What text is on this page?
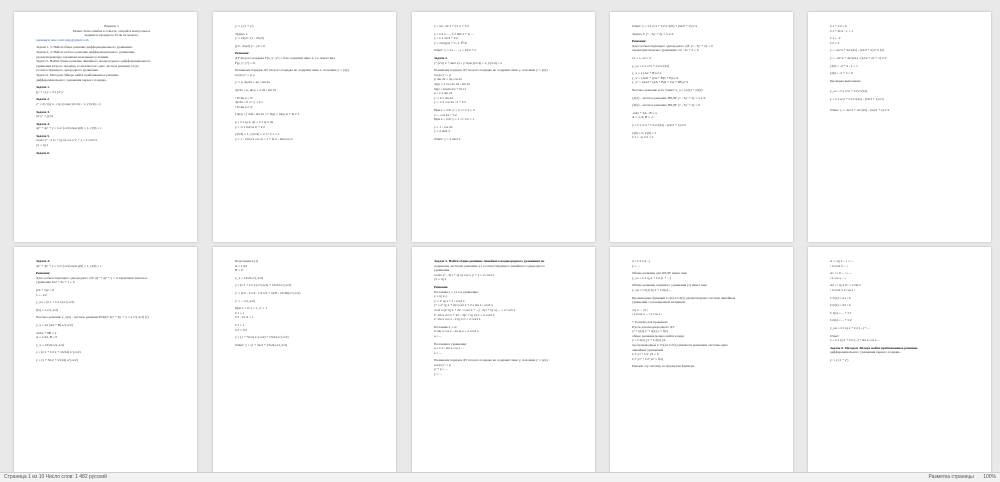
Вариант 2
Может быть ошибка в ответах, откройте контрольное
задание и проверьте. Если не можете,
напишите мне: resh-help@gmail.com
Задачи 1, 3. Найти общее решение дифференциального уравнения.
Задачи 2, 4. Найти частное решение дифференциального уравнения,
удовлетворяющее заданным начальным условиям.
Задача 5. Найти общее решение линейного неоднородного дифференциального
уравнения второго порядка, если известно одно частное решение y1(x)
соответствующего однородного уравнения.
Задача 6. Методом Эйлера найти приближенное решение
дифференциального уравнения первого порядка.
Задача 1.
(y' + 1) y = 2 x y2 y'
Задача 2.
y'' = 2y' (tg x - ctg x) при y(π/4) = 1, y'(π/4) = 2
Задача 3.
x2 y'' = (y')2
Задача 4.
4y'' + 4y' + y = x e^(-x/2) при y(0) = 1, y'(0) = 1
Задача 5.
cos2x y'' - 2 (1 + tg x) cos x y' + y = 2 cos3 x
y1 = tg x
Задача 6.
y' = y (1 + y')
Задача 1.
y' = 2xy2 / (1 - 2xy2)
(y2 - 2xy2) y' - y2 = 0
Решение:
ДУ второго порядка F(x, y', y'') = 0 не содержит явно x, т.е. имеет вид
F(y, y', y'') = 0.
Понижаем порядок ДУ второго порядка не содержит явно x, положим y' = p(y).
тогда y'' = p' p
y' = p, dp/dx = 2p / sin 2x
dy/dx = p, dp/p = 2 dx / sin 2x
• Если p = 0:
dy/dx = 0 => y = C1
• Если p ≠ 0:
∫ dp/p = ∫ 2dx / sin 2x => ln|p| = ln|tg x| + ln C1
p = C1 tg x, dy = C1 tg x dx
y = -C1 ln|cos x| + C2
y(π/4) = 1, y'(π/4) = 2 => C1 = 2
y = 1 - 2 ln|√2 cos x| = 1 + ln 2 - 2ln|cos x|
y = x2 / 2C1 + C1 x + C2
y = C2 x ... - C1 ln|C1 + x| ...
y = C1 x2/2 + C2
y = arctg(x) + C, C ∈ R
Ответ: y = C1 ... , y = x2/2 + C
Задача 2.
y'' (2 tg x + sin2 x) = y' при y(π/4) = 1, y'(π/4) = 2
Понижаем порядок ДУ второго порядка не содержит явно y, положим y' = p(x)
тогда y'' = p'
p' sin 2x = 2p cos 2x
dp/p = 2 cos 2x dx / sin 2x
ln|p| = ln|sin 2x| + ln C1
p = C1 sin 2x
y' = C1 sin 2x
y = -C1 cos 2x / 2 + C2
При x = π/4: y' = 2 => C1 = 2
y = -cos 2x + C2
При x = π/4: y = 1 => C2 = 1
y = 1 - cos 2x
y = 2 sin2 x
Ответ: y = 2 sin2 x
Ответ: y = C1 e^x + C2 e^(2x) + (x2/2 + x) e^x
Задача 3: y'' - 3y' + 2y = x e^x
Решение:
Для соответствующего однородного ДУ y'' - 3y' + 2y = 0
характеристическое уравнение: λ2 - 3λ + 2 = 0
λ1 = 1, λ2 = 2
y_oo = C1 e^x + C2 e^(2x)
y_ч = x (Ax + B) e^x
y_ч' = (Ax2 + (2A + B)x + B) e^x
y_ч'' = (Ax2 + (4A + B)x + 2A + 2B) e^x
Частное решение есть сумма: y_ч = y1(x) + y2(x)
y1(x) - частное решение НЛДУ y'' - 3y' + 2y = x e^x
y2(x) - частное решение НЛДУ y'' - 3y' + 2y = 0
-2Ax + 2A - B = x
A = -1/2, B = -1
y = C1 e^x + C2 e^(2x) - (x2/2 + x) e^x
y(0) = 0, y'(0) = 1
C1 = -2, C2 = 2
C1 + C2 = 0
C1 + 2C2 - 1 = 1
C1 = -2
C2 = 2
y = -2e^x + 2e^(2x) - (x2/2 + x) e^x (5)
y' = -2e^x + 4e^(2x) - (x2/2 + 2x + 1) e^x
y'(0) = -2 + 4 - 1 = 1
y(0) = -2 + 2 = 0
Проверка выполнена.
y_oo = C1 e^x + C2 e^(2x)
y = C1 e^x + C2 e^(2x) - (x2/2 + x) e^x
Ответ: y = -2e^x + 2e^(2x) - (x2/2 + x) e^x
Задача 4:
4y'' + 4y' + y = x e^(-x/2) при y(0) = 1, y'(0) = 1
Решение:
Для соответствующего однородного ДУ 4y'' + 4y' + y = 0 характеристическое
уравнение 4λ2 + 4λ + 1 = 0
(2λ + 1)2 = 0
λ = -1/2
y_oo = (C1 + C2 x) e^(-x/2)
f(x) = x e^(-x/2)
Частное решение y_ч(x) - частное решение НЛДУ 4y'' + 4y' + y = x e^(-x/2) (1)
y_ч = x2 (Ax + B) e^(-x/2)
24Ax + 8B = x
A = 1/24, B = 0
y_ч = x3/24 e^(-x/2)
y = (C1 + C2 x + x3/24) e^(-x/2)
y = (1 + 3x/2 + x3/24) e^(-x/2)
Подставим в (1)
A = 1/24
B = 0
y_ч = x3/24 e^(-x/2)
y = (C1 + C2 x) e^(-x/2) + x3/24 e^(-x/2)
y' = (C2 - C1/2 - C2 x/2 + x2/8 - x3/48) e^(-x/2)
y' = ... e^(-x/2)
При x = 0: y = 1, y' = 1
C1 = 1
C2 - C1/2 = 1
C1 = 1
C2 = 3/2
y = (1 + 3x/2) e^(-x/2) + x3/24 e^(-x/2)
Ответ: y = (1 + 3x/2 + x3/24) e^(-x/2)
Задача 5. Найти общее решение линейного неоднородного уравнения во
заданному частному решению y1 соответствующего линейного однородного
уравнения.
cos2x y'' - 2(1 + tg x) cos x y' + y = 2 cos3 x
y1 = tg x
Решение:
Положим y = y1 z в уравнение:
y = tg x z
y' = z' tg x + z / cos2 x
y'' = z'' tg x + 2z'/cos2 x + 2 z sin x / cos3 x
cos2 x (z'' tg x + 2z' / cos2 x + ...) - 2(1 + tg x) ... = 2 cos3 x
z'' sin x cos x + 2z' - 2(1 + tg x) z' = 2 cos3 x
z'' sin x cos x - 2 tg x z' = 2 cos3 x
Положим z' = u:
u' sin x cos x - 2u tg x = 2 cos3 x
u = ...
Положим в уравнение:
u = C1 / sin x cos x ...
z = ...
Понижаем порядок ДУ второго порядка не содержит явно y, положим y' = p(x).
тогда y'' = p'
p' + p = ...
y = ...
u = C1 e^(...)
y = ...
Общее решение для ОЛДУ имеет вид:
y_oo = C1 tg x + C2 (1 + ...)
Общее решение заданного уравнения (1) имеет вид:
y_oн = C1(x) tg x + C2(x) ...
Производные функций C1(x) и C2(x) удовлетворяют системе линейных
уравнений с расширенной матрицей:
| tg x ... | 0 |
| 1/cos2 x ... | 2 cos x |
* Теорема для проверки:
Пусть для неоднородного ДУ
y'' + p(x) y' + q(x) y = f(x)
общее решение можно найти в виде
y = C1(x) y1 + C2(x) y2,
где производные C1'(x) и C2'(x) являются решением системы двух
линейных уравнений:
C1' y1 + C2' y2 = 0
C1' y1' + C2' y2' = f(x)
Решаем эту систему по формулам Крамера.
Δ = | tg x ... | = ...
| 1/cos2 x ... |
Δ1 = | 0 ... | = ...
| 2 cos x ... |
Δ2 = | tg x 0 | = 2 sin x
| 1/cos2 x 2 cos x |
C1'(x) = Δ1 / Δ
C2'(x) = Δ2 / Δ
C1(x) = ... + C1
C2(x) = ... + C2
y_oн = C1 tg x + C2 (...) + ...
Ответ:
y = C1 tg x + C2 (...) + sin x cos x ...
Задача 6. Методом Эйлера найти приближенное решение
дифференциального уравнения первого порядка.
y' = y (1 + y')
Страница 1 из 10 Число слов: 1 482 русский	Разметка страницы 100%
